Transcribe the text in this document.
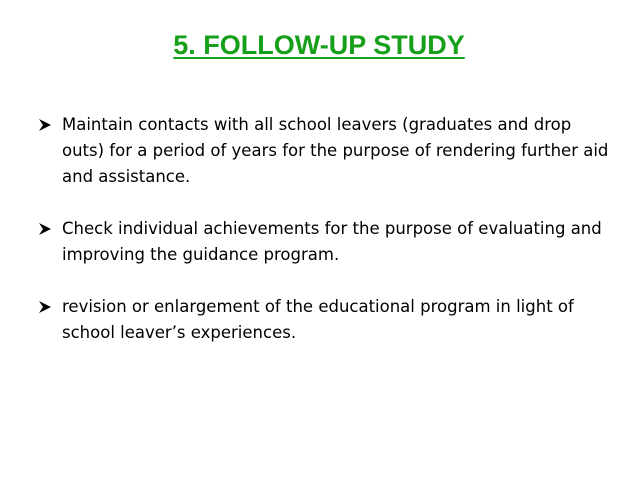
5. FOLLOW-UP STUDY
Maintain contacts with all school leavers (graduates and drop outs) for a period of years for the purpose of rendering further aid and assistance.
Check individual achievements for the purpose of evaluating and improving the guidance program.
revision or enlargement of the educational program in light of school leaver’s experiences.
